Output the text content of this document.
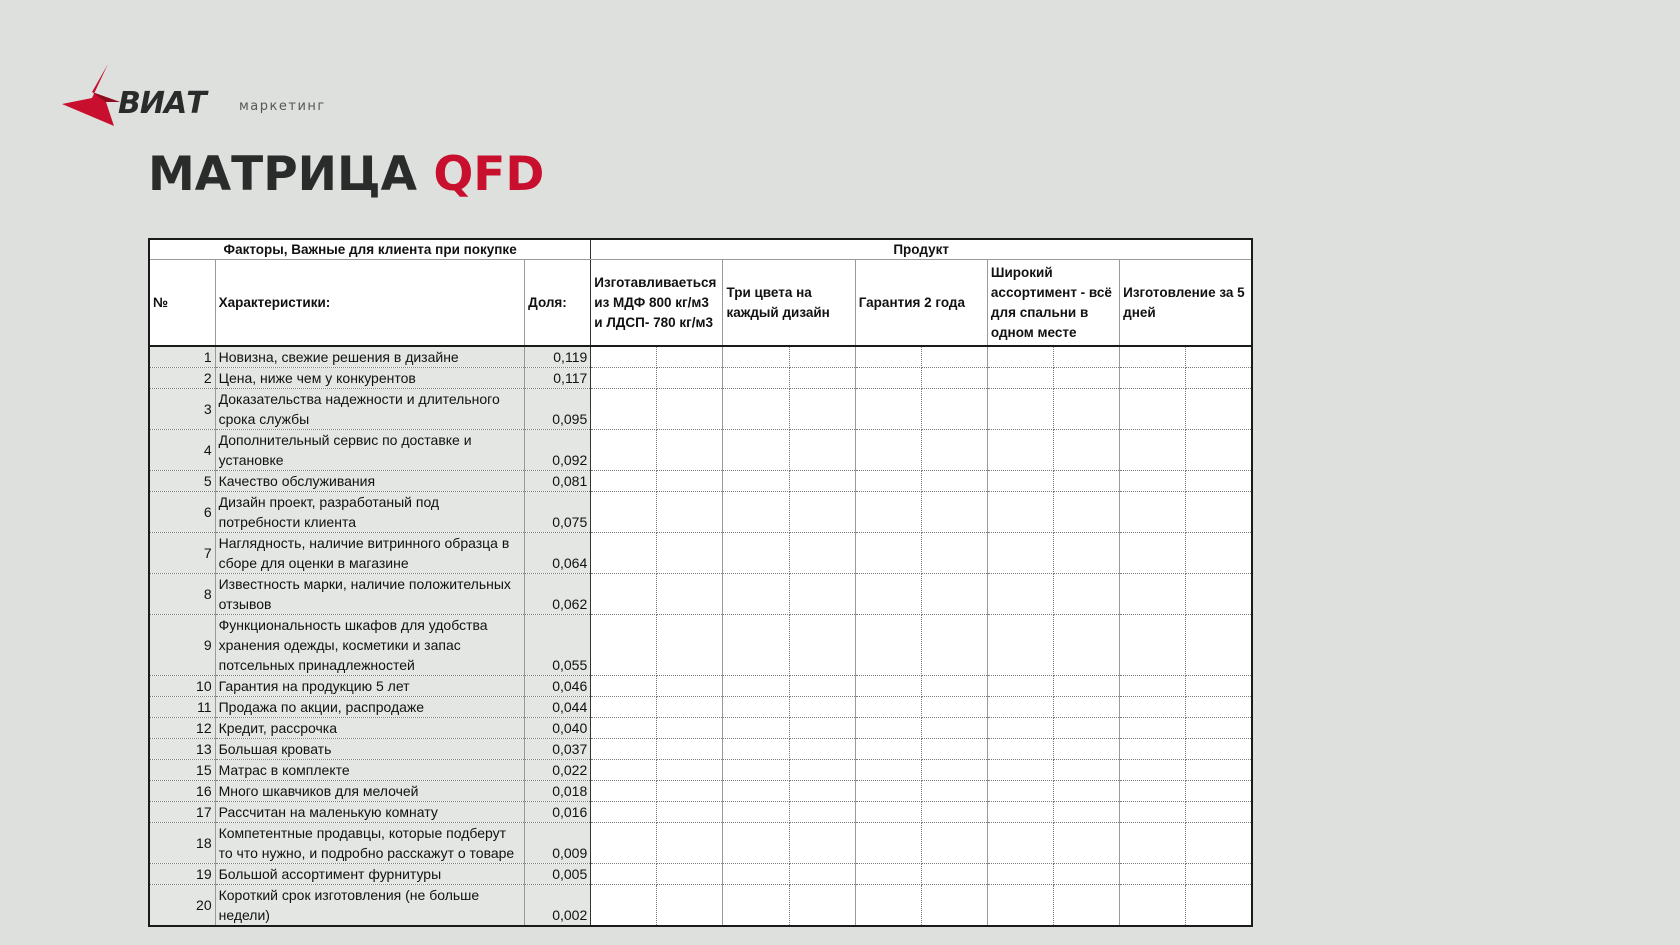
ВИАТ	маркетинг
МАТРИЦА QFD
Факторы, Важные для клиента при покупке			Продукт									
№	Характеристики:	Доля:	Изготавливаеться из МДФ 800 кг/м3 и ЛДСП- 780 кг/м3		Три цвета на каждый дизайн		Гарантия 2 года		Широкий ассортимент - всё для спальни в одном месте		Изготовление за 5 дней	
1	Новизна, свежие решения в дизайне	0,119										
2	Цена, ниже чем у конкурентов	0,117										
3	Доказательства надежности и длительного срока службы	0,095										
4	Дополнительный сервис по доставке и установке	0,092										
5	Качество обслуживания	0,081										
6	Дизайн проект, разработаный под потребности клиента	0,075										
7	Наглядность, наличие витринного образца в сборе для оценки в магазине	0,064										
8	Известность марки, наличие положительных отзывов	0,062										
9	Функциональность шкафов для удобства хранения одежды, косметики и запас потсельных принадлежностей	0,055										
10	Гарантия на продукцию 5 лет	0,046										
11	Продажа по акции, распродаже	0,044										
12	Кредит, рассрочка	0,040										
13	Большая кровать	0,037										
15	Матрас в комплекте	0,022										
16	Много шкавчиков для мелочей	0,018										
17	Рассчитан на маленькую комнату	0,016										
18	Компетентные продавцы, которые подберут то что нужно, и подробно расскажут о товаре	0,009										
19	Большой ассортимент фурнитуры	0,005										
20	Короткий срок изготовления (не больше недели)	0,002										
